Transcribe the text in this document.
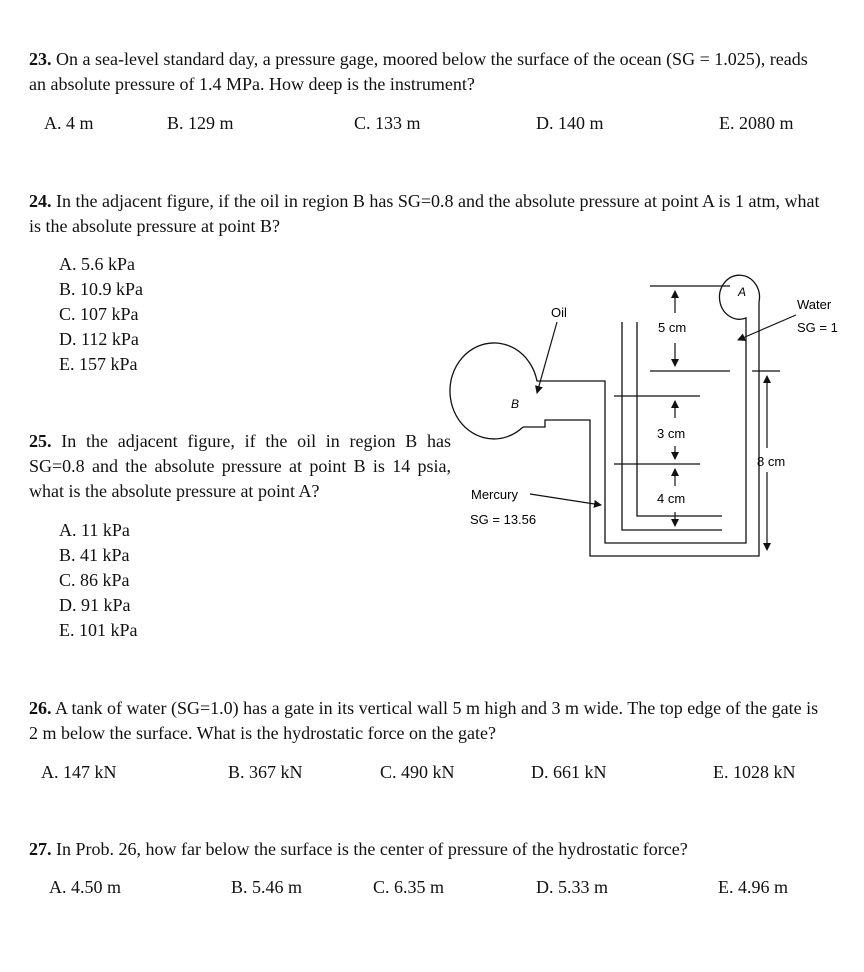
23. On a sea-level standard day, a pressure gage, moored below the surface of the ocean (SG = 1.025), reads an absolute pressure of 1.4 MPa. How deep is the instrument?
A. 4 m	B. 129 m	C. 133 m	D. 140 m	E. 2080 m
24. In the adjacent figure, if the oil in region B has SG=0.8 and the absolute pressure at point A is 1 atm, what is the absolute pressure at point B?
A. 5.6 kPa
B. 10.9 kPa
C. 107 kPa
D. 112 kPa
E. 157 kPa
25. In the adjacent figure, if the oil in region B has SG=0.8 and the absolute pressure at point B is 14 psia, what is the absolute pressure at point A?
A. 11 kPa
B. 41 kPa
C. 86 kPa
D. 91 kPa
E. 101 kPa
A
B
Oil
Water
SG = 1
Mercury
SG = 13.56
5 cm
3 cm
4 cm
8 cm
26. A tank of water (SG=1.0) has a gate in its vertical wall 5 m high and 3 m wide. The top edge of the gate is 2 m below the surface. What is the hydrostatic force on the gate?
A. 147 kN	B. 367 kN	C. 490 kN	D. 661 kN	E. 1028 kN
27. In Prob. 26, how far below the surface is the center of pressure of the hydrostatic force?
A. 4.50 m	B. 5.46 m	C. 6.35 m	D. 5.33 m	E. 4.96 m
